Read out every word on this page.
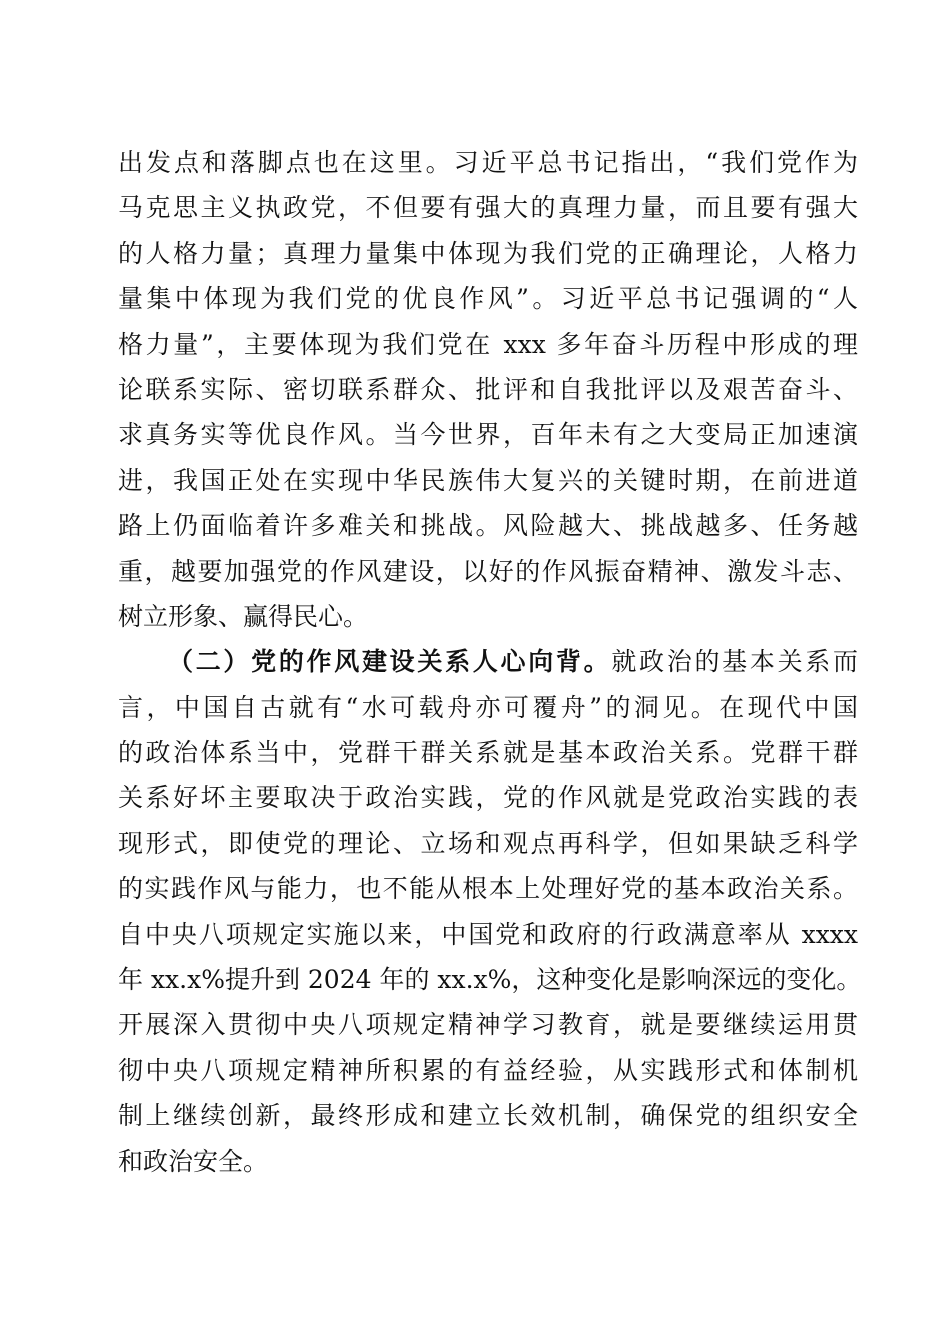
出发点和落脚点也在这里。习近平总书记指出，“我们党作为
马克思主义执政党，不但要有强大的真理力量，而且要有强大
的人格力量；真理力量集中体现为我们党的正确理论，人格力
量集中体现为我们党的优良作风”。习近平总书记强调的“人
格力量”，主要体现为我们党在 xxx 多年奋斗历程中形成的理
论联系实际、密切联系群众、批评和自我批评以及艰苦奋斗、
求真务实等优良作风。当今世界，百年未有之大变局正加速演
进，我国正处在实现中华民族伟大复兴的关键时期，在前进道
路上仍面临着许多难关和挑战。风险越大、挑战越多、任务越
重，越要加强党的作风建设，以好的作风振奋精神、激发斗志、
树立形象、赢得民心。
（二）党的作风建设关系人心向背。就政治的基本关系而
言，中国自古就有“水可载舟亦可覆舟”的洞见。在现代中国
的政治体系当中，党群干群关系就是基本政治关系。党群干群
关系好坏主要取决于政治实践，党的作风就是党政治实践的表
现形式，即使党的理论、立场和观点再科学，但如果缺乏科学
的实践作风与能力，也不能从根本上处理好党的基本政治关系。
自中央八项规定实施以来，中国党和政府的行政满意率从 xxxx
年 xx.x%提升到 2024 年的 xx.x%，这种变化是影响深远的变化。
开展深入贯彻中央八项规定精神学习教育，就是要继续运用贯
彻中央八项规定精神所积累的有益经验，从实践形式和体制机
制上继续创新，最终形成和建立长效机制，确保党的组织安全
和政治安全。
